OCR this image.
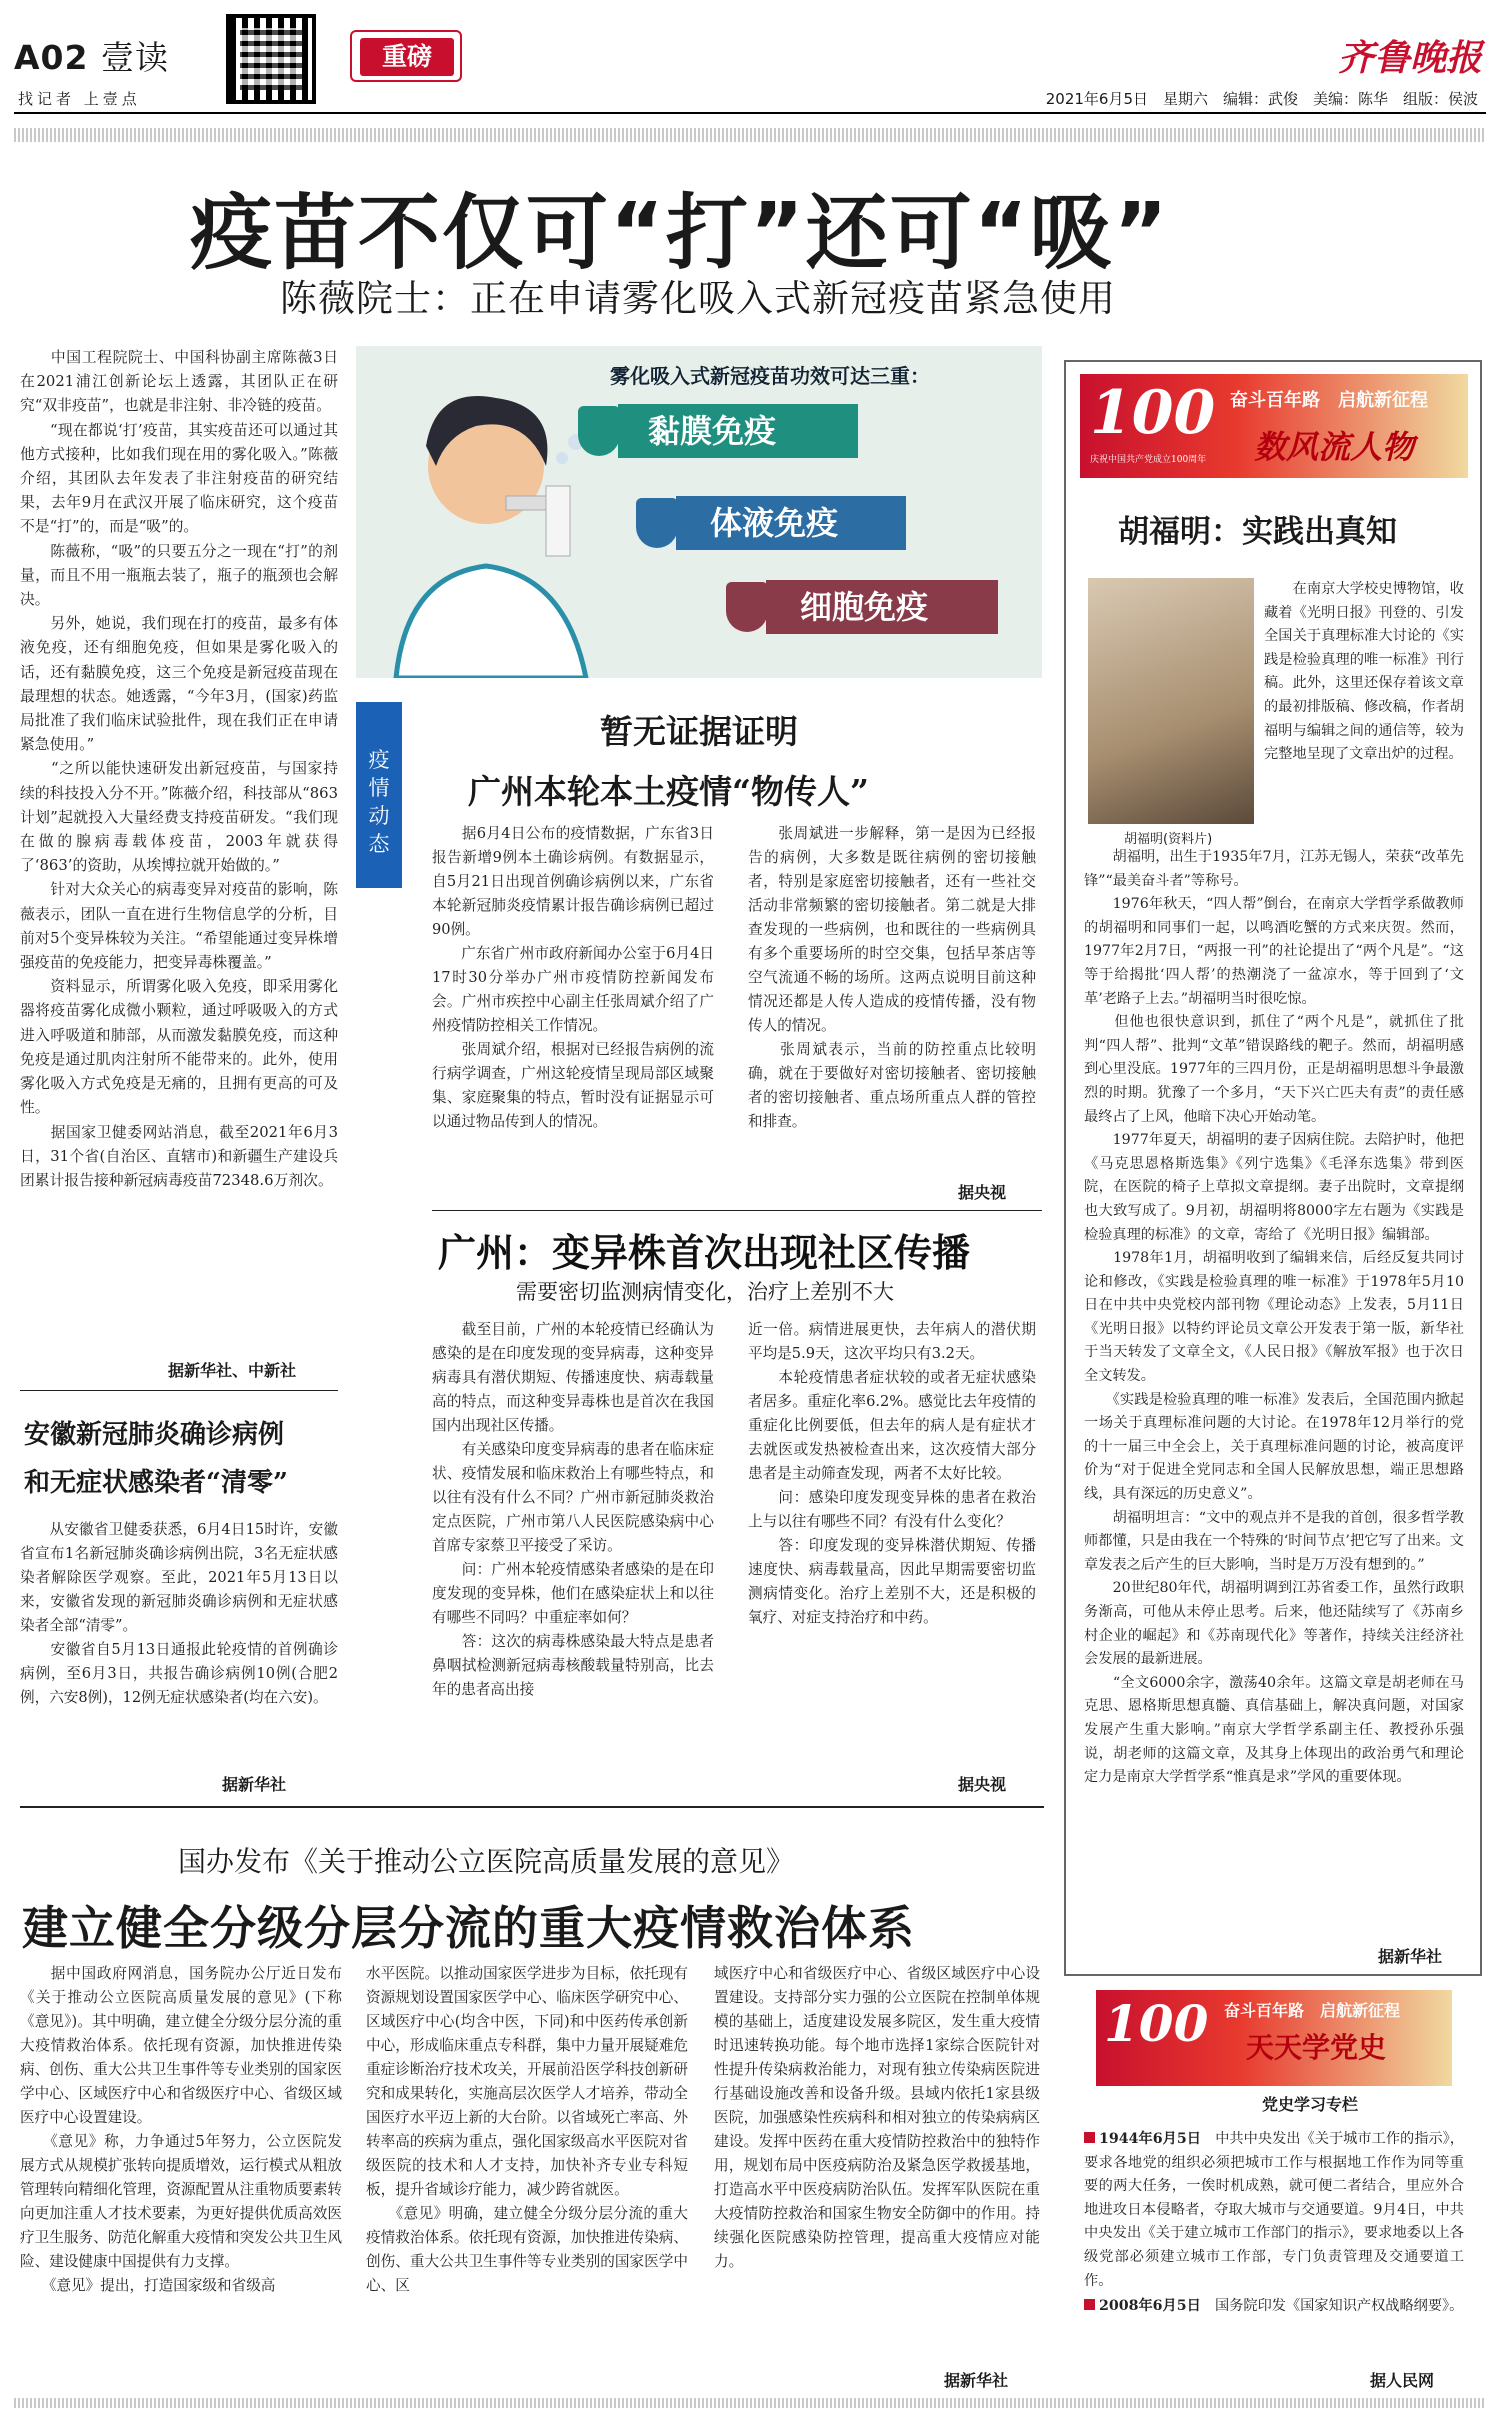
A02 壹读
找记者 上壹点
重磅	齐鲁晚报
2021年6月5日　星期六　编辑：武俊　美编：陈华　组版：侯波
疫苗不仅可“打”还可“吸”
陈薇院士：正在申请雾化吸入式新冠疫苗紧急使用
　　中国工程院院士、中国科协副主席陈薇3日在2021浦江创新论坛上透露，其团队正在研究“双非疫苗”，也就是非注射、非冷链的疫苗。
　　“现在都说‘打’疫苗，其实疫苗还可以通过其他方式接种，比如我们现在用的雾化吸入。”陈薇介绍，其团队去年发表了非注射疫苗的研究结果，去年9月在武汉开展了临床研究，这个疫苗不是“打”的，而是“吸”的。
　　陈薇称，“吸”的只要五分之一现在“打”的剂量，而且不用一瓶瓶去装了，瓶子的瓶颈也会解决。
　　另外，她说，我们现在打的疫苗，最多有体液免疫，还有细胞免疫，但如果是雾化吸入的话，还有黏膜免疫，这三个免疫是新冠疫苗现在最理想的状态。她透露，“今年3月，(国家)药监局批准了我们临床试验批件，现在我们正在申请紧急使用。”
　　“之所以能快速研发出新冠疫苗，与国家持续的科技投入分不开。”陈薇介绍，科技部从“863计划”起就投入大量经费支持疫苗研发。“我们现在做的腺病毒载体疫苗，2003年就获得了‘863’的资助，从埃博拉就开始做的。”
　　针对大众关心的病毒变异对疫苗的影响，陈薇表示，团队一直在进行生物信息学的分析，目前对5个变异株较为关注。“希望能通过变异株增强疫苗的免疫能力，把变异毒株覆盖。”
　　资料显示，所谓雾化吸入免疫，即采用雾化器将疫苗雾化成微小颗粒，通过呼吸吸入的方式进入呼吸道和肺部，从而激发黏膜免疫，而这种免疫是通过肌肉注射所不能带来的。此外，使用雾化吸入方式免疫是无痛的，且拥有更高的可及性。
　　据国家卫健委网站消息，截至2021年6月3日，31个省(自治区、直辖市)和新疆生产建设兵团累计报告接种新冠病毒疫苗72348.6万剂次。
据新华社、中新社
雾化吸入式新冠疫苗功效可达三重：
黏膜免疫
体液免疫
细胞免疫
疫情动态
暂无证据证明
广州本轮本土疫情“物传人”
　　据6月4日公布的疫情数据，广东省3日报告新增9例本土确诊病例。有数据显示，自5月21日出现首例确诊病例以来，广东省本轮新冠肺炎疫情累计报告确诊病例已超过90例。
　　广东省广州市政府新闻办公室于6月4日17时30分举办广州市疫情防控新闻发布会。广州市疾控中心副主任张周斌介绍了广州疫情防控相关工作情况。
　　张周斌介绍，根据对已经报告病例的流行病学调查，广州这轮疫情呈现局部区域聚集、家庭聚集的特点，暂时没有证据显示可以通过物品传到人的情况。
　　张周斌进一步解释，第一是因为已经报告的病例，大多数是既往病例的密切接触者，特别是家庭密切接触者，还有一些社交活动非常频繁的密切接触者。第二就是大排查发现的一些病例，也和既往的一些病例具有多个重要场所的时空交集，包括早茶店等空气流通不畅的场所。这两点说明目前这种情况还都是人传人造成的疫情传播，没有物传人的情况。
　　张周斌表示，当前的防控重点比较明确，就在于要做好对密切接触者、密切接触者的密切接触者、重点场所重点人群的管控和排查。
据央视
广州：变异株首次出现社区传播
需要密切监测病情变化，治疗上差别不大
　　截至目前，广州的本轮疫情已经确认为感染的是在印度发现的变异病毒，这种变异病毒具有潜伏期短、传播速度快、病毒载量高的特点，而这种变异毒株也是首次在我国国内出现社区传播。
　　有关感染印度变异病毒的患者在临床症状、疫情发展和临床救治上有哪些特点，和以往有没有什么不同？广州市新冠肺炎救治定点医院，广州市第八人民医院感染病中心首席专家蔡卫平接受了采访。
　　问：广州本轮疫情感染者感染的是在印度发现的变异株，他们在感染症状上和以往有哪些不同吗？中重症率如何？
　　答：这次的病毒株感染最大特点是患者鼻咽拭检测新冠病毒核酸载量特别高，比去年的患者高出接
近一倍。病情进展更快，去年病人的潜伏期平均是5.9天，这次平均只有3.2天。
　　本轮疫情患者症状较的或者无症状感染者居多。重症化率6.2%。感觉比去年疫情的重症化比例要低，但去年的病人是有症状才去就医或发热被检查出来，这次疫情大部分患者是主动筛查发现，两者不太好比较。
　　问：感染印度发现变异株的患者在救治上与以往有哪些不同？有没有什么变化？
　　答：印度发现的变异株潜伏期短、传播速度快、病毒载量高，因此早期需要密切监测病情变化。治疗上差别不大，还是积极的氧疗、对症支持治疗和中药。
据央视
安徽新冠肺炎确诊病例
和无症状感染者“清零”
　　从安徽省卫健委获悉，6月4日15时许，安徽省宣布1名新冠肺炎确诊病例出院，3名无症状感染者解除医学观察。至此，2021年5月13日以来，安徽省发现的新冠肺炎确诊病例和无症状感染者全部“清零”。
　　安徽省自5月13日通报此轮疫情的首例确诊病例，至6月3日，共报告确诊病例10例(合肥2例，六安8例)，12例无症状感染者(均在六安)。
据新华社
国办发布《关于推动公立医院高质量发展的意见》
建立健全分级分层分流的重大疫情救治体系
　　据中国政府网消息，国务院办公厅近日发布《关于推动公立医院高质量发展的意见》(下称《意见》)。其中明确，建立健全分级分层分流的重大疫情救治体系。依托现有资源，加快推进传染病、创伤、重大公共卫生事件等专业类别的国家医学中心、区域医疗中心和省级医疗中心、省级区域医疗中心设置建设。
　　《意见》称，力争通过5年努力，公立医院发展方式从规模扩张转向提质增效，运行模式从粗放管理转向精细化管理，资源配置从注重物质要素转向更加注重人才技术要素，为更好提供优质高效医疗卫生服务、防范化解重大疫情和突发公共卫生风险、建设健康中国提供有力支撑。
　　《意见》提出，打造国家级和省级高
水平医院。以推动国家医学进步为目标，依托现有资源规划设置国家医学中心、临床医学研究中心、区域医疗中心(均含中医，下同)和中医药传承创新中心，形成临床重点专科群，集中力量开展疑难危重症诊断治疗技术攻关，开展前沿医学科技创新研究和成果转化，实施高层次医学人才培养，带动全国医疗水平迈上新的大台阶。以省域死亡率高、外转率高的疾病为重点，强化国家级高水平医院对省级医院的技术和人才支持，加快补齐专业专科短板，提升省域诊疗能力，减少跨省就医。
　　《意见》明确，建立健全分级分层分流的重大疫情救治体系。依托现有资源，加快推进传染病、创伤、重大公共卫生事件等专业类别的国家医学中心、区
域医疗中心和省级医疗中心、省级区域医疗中心设置建设。支持部分实力强的公立医院在控制单体规模的基础上，适度建设发展多院区，发生重大疫情时迅速转换功能。每个地市选择1家综合医院针对性提升传染病救治能力，对现有独立传染病医院进行基础设施改善和设备升级。县域内依托1家县级医院，加强感染性疾病科和相对独立的传染病病区建设。发挥中医药在重大疫情防控救治中的独特作用，规划布局中医疫病防治及紧急医学救援基地，打造高水平中医疫病防治队伍。发挥军队医院在重大疫情防控救治和国家生物安全防御中的作用。持续强化医院感染防控管理，提高重大疫情应对能力。
据新华社
100
庆祝中国共产党成立100周年
奋斗百年路　启航新征程
数风流人物
胡福明：实践出真知
胡福明(资料片)
　　在南京大学校史博物馆，收藏着《光明日报》刊登的、引发全国关于真理标准大讨论的《实践是检验真理的唯一标准》刊行稿。此外，这里还保存着该文章的最初排版稿、修改稿，作者胡福明与编辑之间的通信等，较为完整地呈现了文章出炉的过程。
　　胡福明，出生于1935年7月，江苏无锡人，荣获“改革先锋”“最美奋斗者”等称号。
　　1976年秋天，“四人帮”倒台，在南京大学哲学系做教师的胡福明和同事们一起，以鸣酒吃蟹的方式来庆贺。然而，1977年2月7日，“两报一刊”的社论提出了“两个凡是”。“这等于给揭批‘四人帮’的热潮浇了一盆凉水，等于回到了‘文革’老路子上去。”胡福明当时很吃惊。
　　但他也很快意识到，抓住了“两个凡是”，就抓住了批判“四人帮”、批判“文革”错误路线的靶子。然而，胡福明感到心里没底。1977年的三四月份，正是胡福明思想斗争最激烈的时期。犹豫了一个多月，“天下兴亡匹夫有责”的责任感最终占了上风，他暗下决心开始动笔。
　　1977年夏天，胡福明的妻子因病住院。去陪护时，他把《马克思恩格斯选集》《列宁选集》《毛泽东选集》带到医院，在医院的椅子上草拟文章提纲。妻子出院时，文章提纲也大致写成了。9月初，胡福明将8000字左右题为《实践是检验真理的标准》的文章，寄给了《光明日报》编辑部。
　　1978年1月，胡福明收到了编辑来信，后经反复共同讨论和修改，《实践是检验真理的唯一标准》于1978年5月10日在中共中央党校内部刊物《理论动态》上发表，5月11日《光明日报》以特约评论员文章公开发表于第一版，新华社于当天转发了文章全文，《人民日报》《解放军报》也于次日全文转发。
　　《实践是检验真理的唯一标准》发表后，全国范围内掀起一场关于真理标准问题的大讨论。在1978年12月举行的党的十一届三中全会上，关于真理标准问题的讨论，被高度评价为“对于促进全党同志和全国人民解放思想，端正思想路线，具有深远的历史意义”。
　　胡福明坦言：“文中的观点并不是我的首创，很多哲学教师都懂，只是由我在一个特殊的‘时间节点’把它写了出来。文章发表之后产生的巨大影响，当时是万万没有想到的。”
　　20世纪80年代，胡福明调到江苏省委工作，虽然行政职务渐高，可他从未停止思考。后来，他还陆续写了《苏南乡村企业的崛起》和《苏南现代化》等著作，持续关注经济社会发展的最新进展。
　　“全文6000余字，激荡40余年。这篇文章是胡老师在马克思、恩格斯思想真髓、真信基础上，解决真问题，对国家发展产生重大影响。”南京大学哲学系副主任、教授孙乐强说，胡老师的这篇文章，及其身上体现出的政治勇气和理论定力是南京大学哲学系“惟真是求”学风的重要体现。
据新华社
100 奋斗百年路　启航新征程
天天学党史
党史学习专栏
1944年6月5日　 中共中央发出《关于城市工作的指示》，要求各地党的组织必须把城市工作与根据地工作作为同等重要的两大任务，一俟时机成熟，就可便二者结合，里应外合地进攻日本侵略者，夺取大城市与交通要道。9月4日，中共中央发出《关于建立城市工作部门的指示》，要求地委以上各级党部必须建立城市工作部，专门负责管理及交通要道工作。
2008年6月5日　 国务院印发《国家知识产权战略纲要》。
据人民网
